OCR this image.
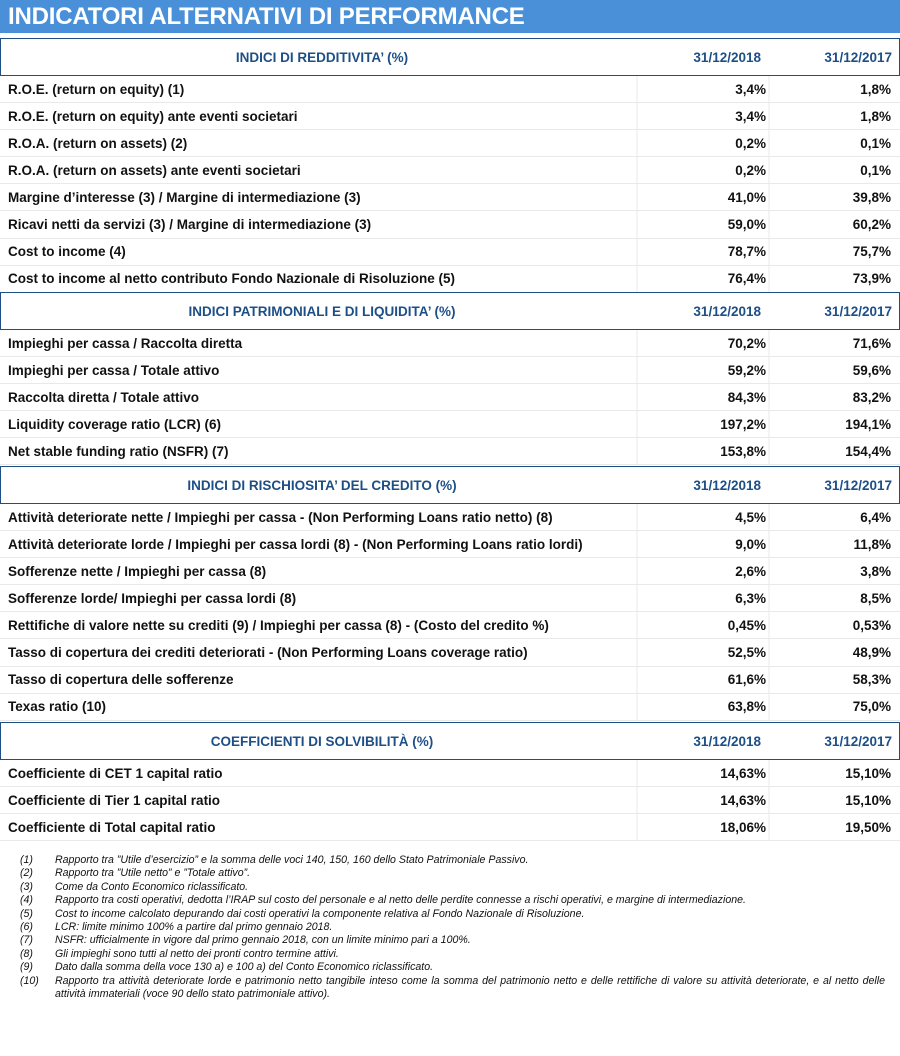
INDICATORI ALTERNATIVI DI PERFORMANCE
INDICI DI REDDITIVITA’ (%)	31/12/2018	31/12/2017
R.O.E. (return on equity) (1)	3,4%	1,8%
R.O.E. (return on equity) ante eventi societari	3,4%	1,8%
R.O.A. (return on assets) (2)	0,2%	0,1%
R.O.A. (return on assets) ante eventi societari	0,2%	0,1%
Margine d’interesse (3) / Margine di intermediazione (3)	41,0%	39,8%
Ricavi netti da servizi (3) / Margine di intermediazione (3)	59,0%	60,2%
Cost to income (4)	78,7%	75,7%
Cost to income al netto contributo Fondo Nazionale di Risoluzione (5)	76,4%	73,9%
INDICI PATRIMONIALI E DI LIQUIDITA’ (%)	31/12/2018	31/12/2017
Impieghi per cassa / Raccolta diretta	70,2%	71,6%
Impieghi per cassa / Totale attivo	59,2%	59,6%
Raccolta diretta / Totale attivo	84,3%	83,2%
Liquidity coverage ratio (LCR) (6)	197,2%	194,1%
Net stable funding ratio (NSFR) (7)	153,8%	154,4%
INDICI DI RISCHIOSITA’ DEL CREDITO (%)	31/12/2018	31/12/2017
Attività deteriorate nette / Impieghi per cassa - (Non Performing Loans ratio netto) (8)	4,5%	6,4%
Attività deteriorate lorde / Impieghi per cassa lordi (8) - (Non Performing Loans ratio lordi)	9,0%	11,8%
Sofferenze nette / Impieghi per cassa (8)	2,6%	3,8%
Sofferenze lorde/ Impieghi per cassa lordi (8)	6,3%	8,5%
Rettifiche di valore nette su crediti (9) / Impieghi per cassa (8) - (Costo del credito %)	0,45%	0,53%
Tasso di copertura dei crediti deteriorati - (Non Performing Loans coverage ratio)	52,5%	48,9%
Tasso di copertura delle sofferenze	61,6%	58,3%
Texas ratio (10)	63,8%	75,0%
COEFFICIENTI DI SOLVIBILITÀ (%)	31/12/2018	31/12/2017
Coefficiente di CET 1 capital ratio	14,63%	15,10%
Coefficiente di Tier 1 capital ratio	14,63%	15,10%
Coefficiente di Total capital ratio	18,06%	19,50%
(1) Rapporto tra ”Utile d’esercizio” e la somma delle voci 140, 150, 160 dello Stato Patrimoniale Passivo.
(2) Rapporto tra ”Utile netto” e ”Totale attivo”.
(3) Come da Conto Economico riclassificato.
(4) Rapporto tra costi operativi, dedotta l’IRAP sul costo del personale e al netto delle perdite connesse a rischi operativi, e margine di intermediazione.
(5) Cost to income calcolato depurando dai costi operativi la componente relativa al Fondo Nazionale di Risoluzione.
(6) LCR: limite minimo 100% a partire dal primo gennaio 2018.
(7) NSFR: ufficialmente in vigore dal primo gennaio 2018, con un limite minimo pari a 100%.
(8) Gli impieghi sono tutti al netto dei pronti contro termine attivi.
(9) Dato dalla somma della voce 130 a) e 100 a) del Conto Economico riclassificato.
(10) Rapporto tra attività deteriorate lorde e patrimonio netto tangibile inteso come la somma del patrimonio netto e delle rettifiche di valore su attività deteriorate, e al netto delle attività immateriali (voce 90 dello stato patrimoniale attivo).
